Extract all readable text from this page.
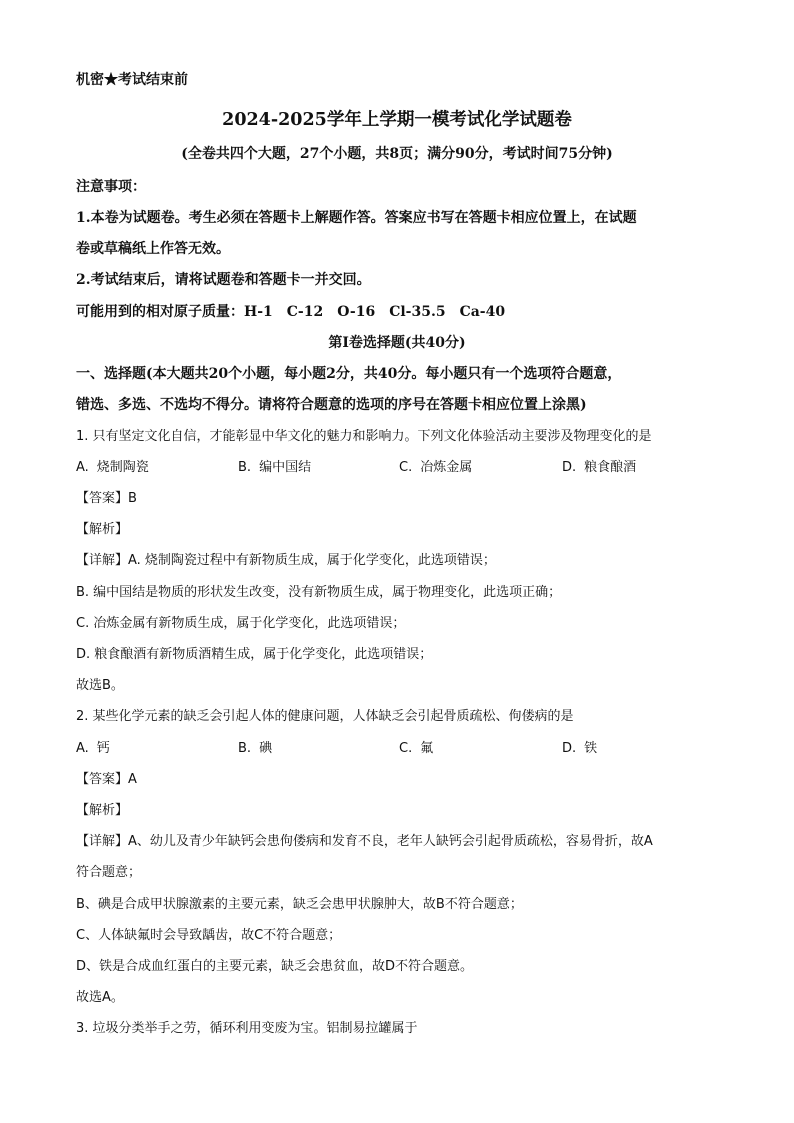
机密★考试结束前
2024-2025学年上学期一模考试化学试题卷
(全卷共四个大题，27个小题，共8页；满分90分，考试时间75分钟)
注意事项：
1.本卷为试题卷。考生必须在答题卡上解题作答。答案应书写在答题卡相应位置上，在试题
卷或草稿纸上作答无效。
2.考试结束后，请将试题卷和答题卡一并交回。
可能用到的相对原子质量：H-1　C-12　O-16　Cl-35.5　Ca-40
第Ⅰ卷选择题(共40分)
一、选择题(本大题共20个小题，每小题2分，共40分。每小题只有一个选项符合题意，
错选、多选、不选均不得分。请将符合题意的选项的序号在答题卡相应位置上涂黑)
1. 只有坚定文化自信，才能彰显中华文化的魅力和影响力。下列文化体验活动主要涉及物理变化的是
A. 烧制陶瓷	B. 编中国结	C. 冶炼金属	D. 粮食酿酒
【答案】B
【解析】
【详解】A. 烧制陶瓷过程中有新物质生成，属于化学变化，此选项错误；
B. 编中国结是物质的形状发生改变，没有新物质生成，属于物理变化，此选项正确；
C. 冶炼金属有新物质生成，属于化学变化，此选项错误；
D. 粮食酿酒有新物质酒精生成，属于化学变化，此选项错误；
故选B。
2. 某些化学元素的缺乏会引起人体的健康问题，人体缺乏会引起骨质疏松、佝偻病的是
A. 钙	B. 碘	C. 氟	D. 铁
【答案】A
【解析】
【详解】A、幼儿及青少年缺钙会患佝偻病和发育不良，老年人缺钙会引起骨质疏松，容易骨折，故A
符合题意；
B、碘是合成甲状腺激素的主要元素，缺乏会患甲状腺肿大，故B不符合题意；
C、人体缺氟时会导致龋齿，故C不符合题意；
D、铁是合成血红蛋白的主要元素，缺乏会患贫血，故D不符合题意。
故选A。
3. 垃圾分类举手之劳，循环利用变废为宝。铝制易拉罐属于
